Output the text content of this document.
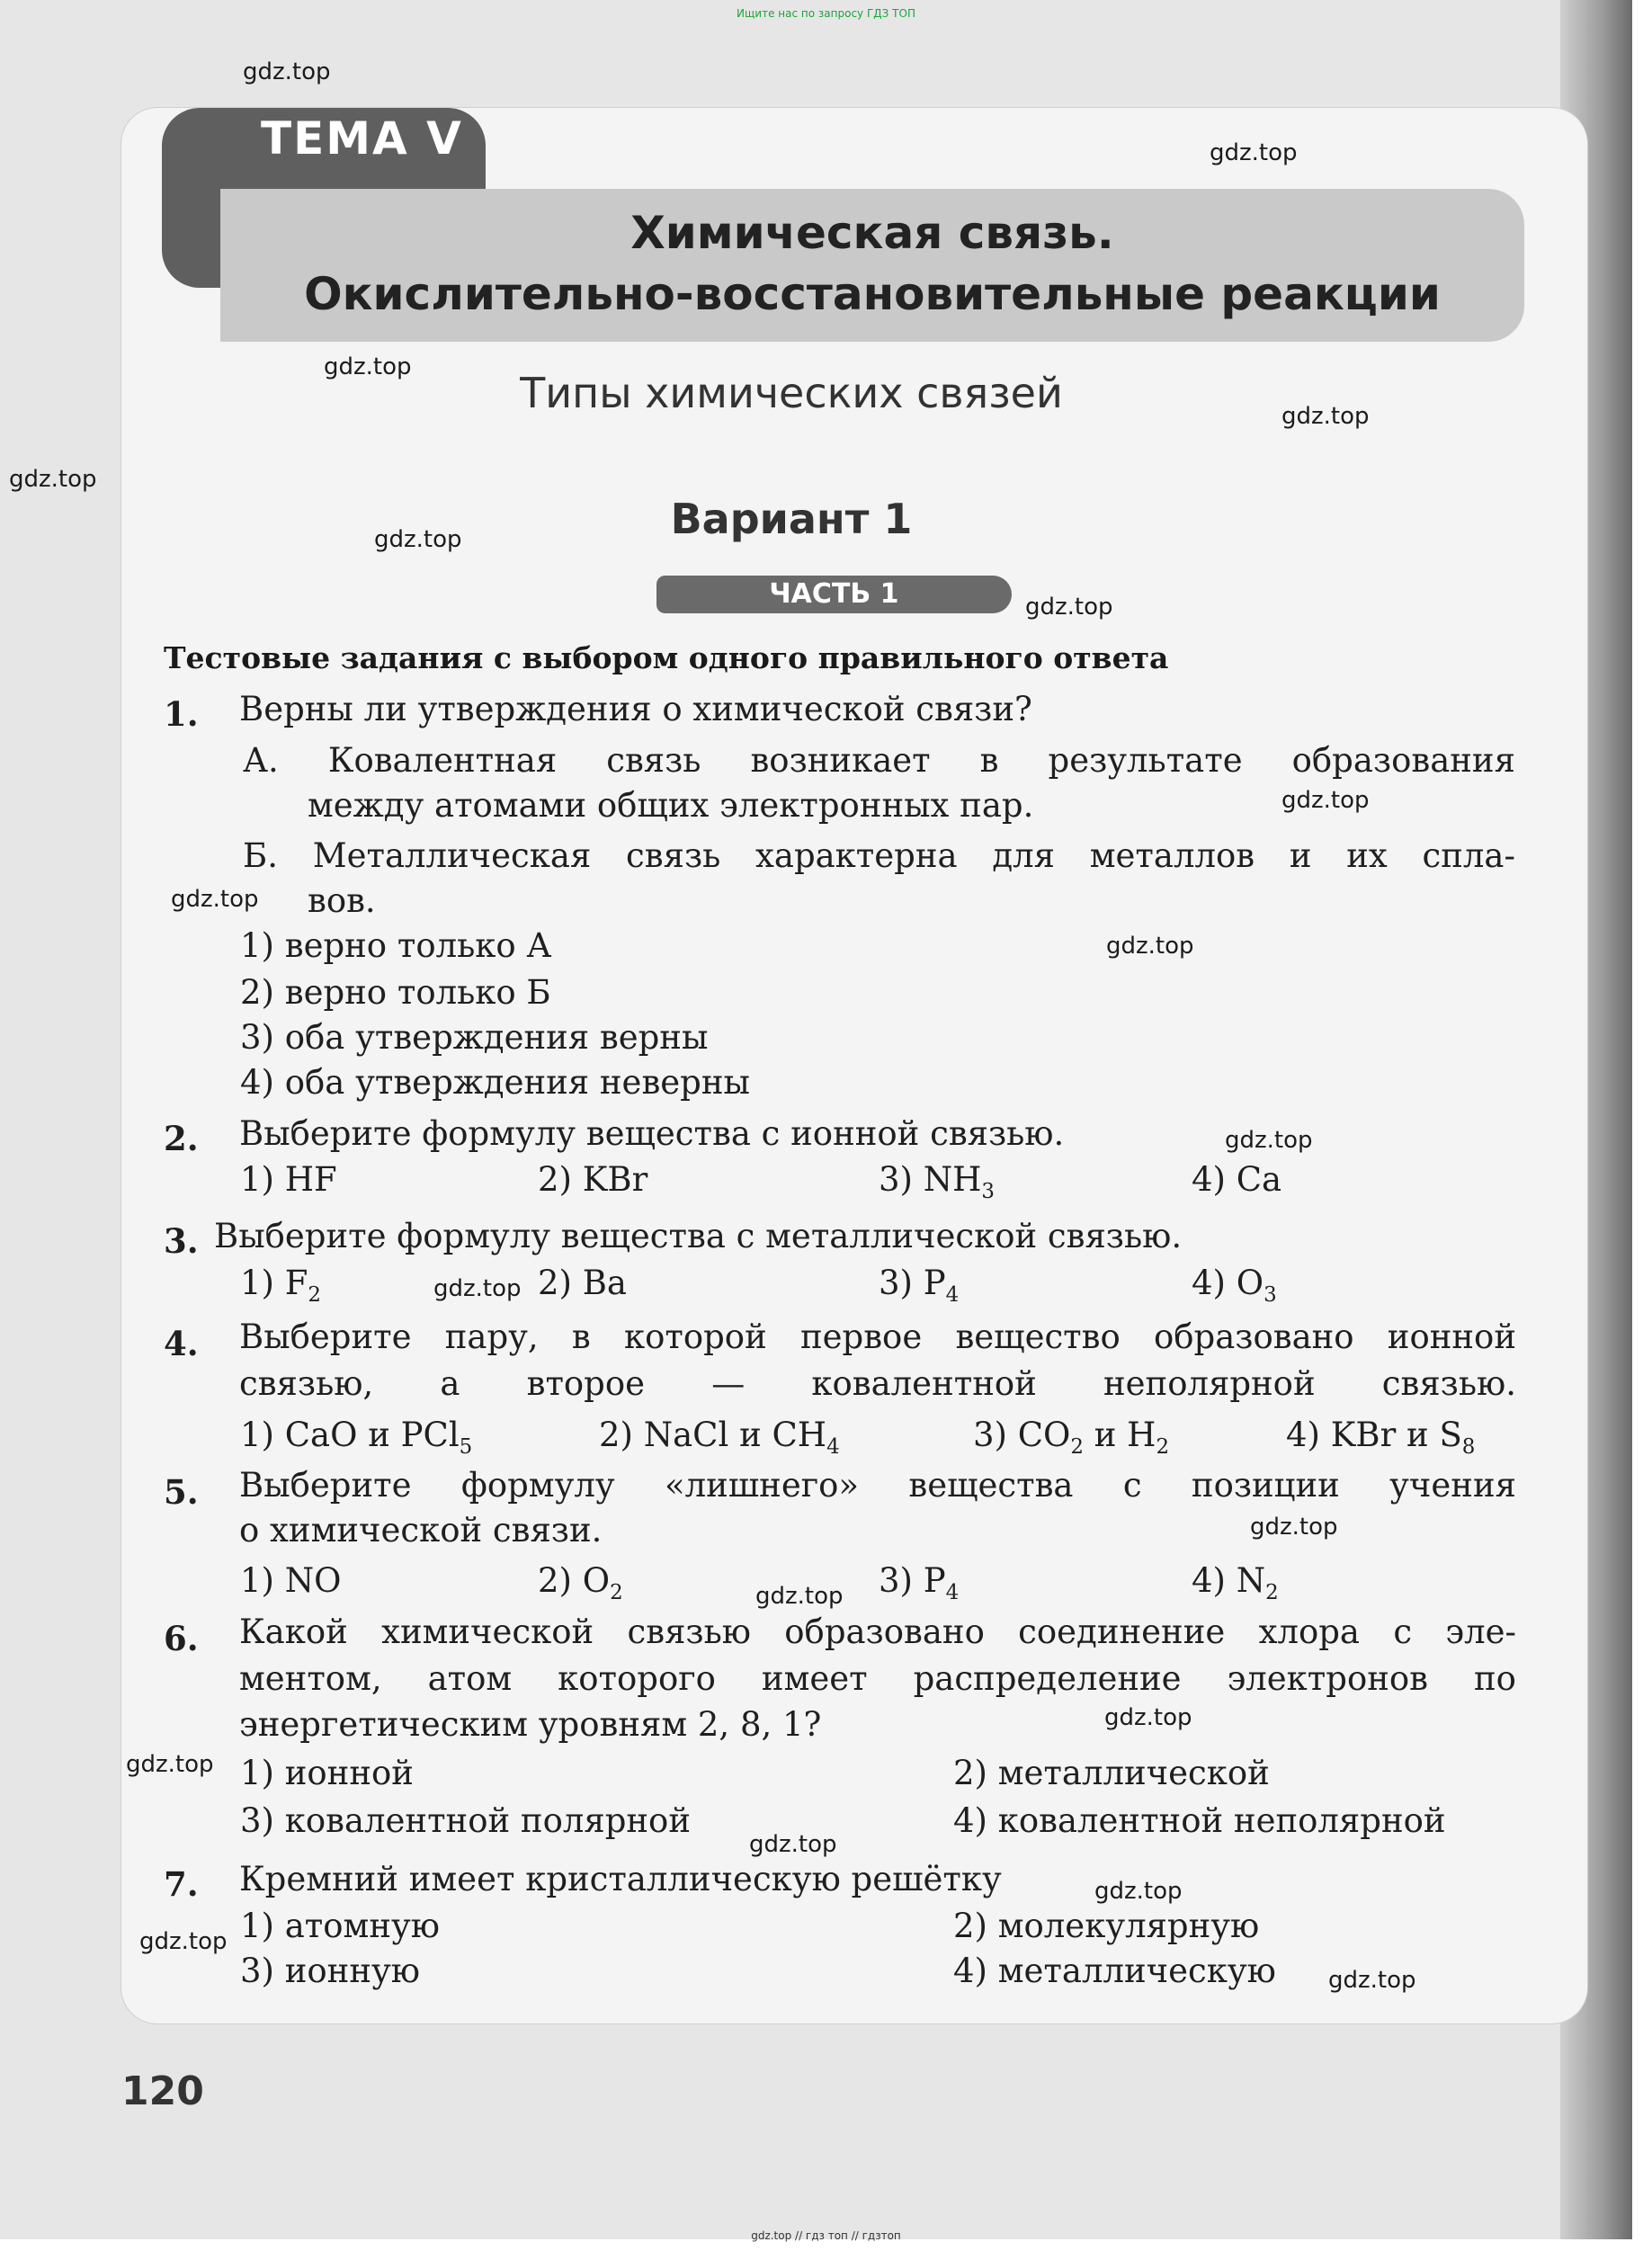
Ищите нас по запросу ГДЗ ТОП
ТЕМА V
Химическая связь.
Окислительно-восстановительные реакции
Типы химических связей
Вариант 1
ЧАСТЬ 1
Тестовые задания с выбором одного правильного ответа
1. Верны ли утверждения о химической связи?
А. Ковалентная связь возникает в результате образования
между атомами общих электронных пар.
Б. Металлическая связь характерна для металлов и их спла-
вов.
1) верно только А
2) верно только Б
3) оба утверждения верны
4) оба утверждения неверны
2. Выберите формулу вещества с ионной связью.
1) HF	2) KBr	3) $NH_3$	4) Ca
3. Выберите формулу вещества с металлической связью.
1) $F_2$	2) Ba	3) $P_4$	4) $O_3$
4. Выберите пару, в которой первое вещество образовано ионной
связью, а второе — ковалентной неполярной связью.
1) CaO и PCl$_5$	2) NaCl и $CH_4$	3) $CO_2$ и $H_2$	4) KBr и $S_8$
5. Выберите формулу «лишнего» вещества с позиции учения
о химической связи.
1) NO	2) $O_2$	3) $P_4$	4) $N_2$
6. Какой химической связью образовано соединение хлора с эле-
ментом, атом которого имеет распределение электронов по
энергетическим уровням 2, 8, 1?
1) ионной	2) металлической
3) ковалентной полярной	4) ковалентной неполярной
7. Кремний имеет кристаллическую решётку
1) атомную	2) молекулярную
3) ионную	4) металлическую
120
gdz.top
gdz.top
gdz.top
gdz.top
gdz.top
gdz.top
gdz.top
gdz.top
gdz.top
gdz.top
gdz.top
gdz.top
gdz.top
gdz.top
gdz.top
gdz.top
gdz.top
gdz.top
gdz.top
gdz.top
gdz.top // гдз топ // гдзтоп
